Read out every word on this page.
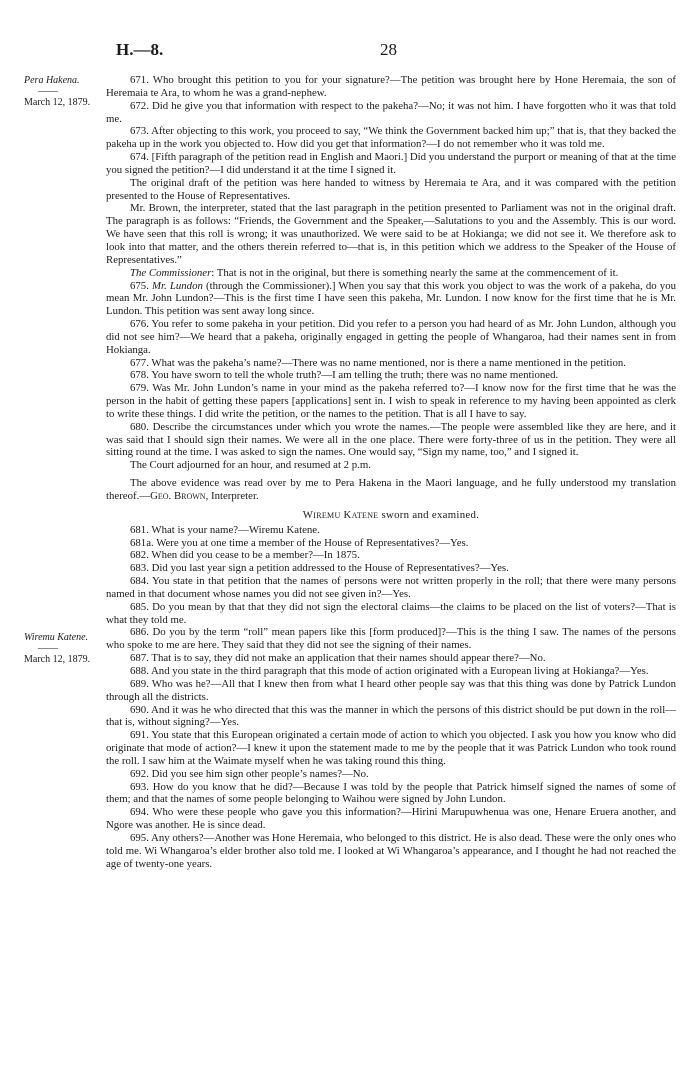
H.—8.	28
Pera Hakena.
——
March 12, 1879.
Wiremu Katene.
——
March 12, 1879.

671. Who brought this petition to you for your signature?—The petition was brought here by Hone Heremaia, the son of Heremaia te Ara, to whom he was a grand-nephew.

672. Did he give you that information with respect to the pakeha?—No; it was not him. I have forgotten who it was that told me.

673. After objecting to this work, you proceed to say, “We think the Government backed him up;” that is, that they backed the pakeha up in the work you objected to. How did you get that information?—I do not remember who it was told me.

674. [Fifth paragraph of the petition read in English and Maori.] Did you understand the purport or meaning of that at the time you signed the petition?—I did understand it at the time I signed it.

The original draft of the petition was here handed to witness by Heremaia te Ara, and it was compared with the petition presented to the House of Representatives.

Mr. Brown, the interpreter, stated that the last paragraph in the petition presented to Parliament was not in the original draft. The paragraph is as follows: “Friends, the Government and the Speaker,—Salutations to you and the Assembly. This is our word. We have seen that this roll is wrong; it was unauthorized. We were said to be at Hokianga; we did not see it. We therefore ask to look into that matter, and the others therein referred to—that is, in this petition which we address to the Speaker of the House of Representatives.”

The Commissioner: That is not in the original, but there is something nearly the same at the commencement of it.

675. Mr. Lundon (through the Commissioner).] When you say that this work you object to was the work of a pakeha, do you mean Mr. John Lundon?—This is the first time I have seen this pakeha, Mr. Lundon. I now know for the first time that he is Mr. Lundon. This petition was sent away long since.

676. You refer to some pakeha in your petition. Did you refer to a person you had heard of as Mr. John Lundon, although you did not see him?—We heard that a pakeha, originally engaged in getting the people of Whangaroa, had their names sent in from Hokianga.

677. What was the pakeha’s name?—There was no name mentioned, nor is there a name mentioned in the petition.

678. You have sworn to tell the whole truth?—I am telling the truth; there was no name mentioned.

679. Was Mr. John Lundon’s name in your mind as the pakeha referred to?—I know now for the first time that he was the person in the habit of getting these papers [applications] sent in. I wish to speak in reference to my having been appointed as clerk to write these things. I did write the petition, or the names to the petition. That is all I have to say.

680. Describe the circumstances under which you wrote the names.—The people were assembled like they are here, and it was said that I should sign their names. We were all in the one place. There were forty-three of us in the petition. They were all sitting round at the time. I was asked to sign the names. One would say, “Sign my name, too,” and I signed it.

The Court adjourned for an hour, and resumed at 2 p.m.

The above evidence was read over by me to Pera Hakena in the Maori language, and he fully understood my translation thereof.—Geo. Brown, Interpreter.

Wiremu Katene sworn and examined.

681. What is your name?—Wiremu Katene.

681a. Were you at one time a member of the House of Representatives?—Yes.

682. When did you cease to be a member?—In 1875.

683. Did you last year sign a petition addressed to the House of Representatives?—Yes.

684. You state in that petition that the names of persons were not written properly in the roll; that there were many persons named in that document whose names you did not see given in?—Yes.

685. Do you mean by that that they did not sign the electoral claims—the claims to be placed on the list of voters?—That is what they told me.

686. Do you by the term “roll” mean papers like this [form produced]?—This is the thing I saw. The names of the persons who spoke to me are here. They said that they did not see the signing of their names.

687. That is to say, they did not make an application that their names should appear there?—No.

688. And you state in the third paragraph that this mode of action originated with a European living at Hokianga?—Yes.

689. Who was he?—All that I knew then from what I heard other people say was that this thing was done by Patrick Lundon through all the districts.

690. And it was he who directed that this was the manner in which the persons of this district should be put down in the roll—that is, without signing?—Yes.

691. You state that this European originated a certain mode of action to which you objected. I ask you how you know who did originate that mode of action?—I knew it upon the statement made to me by the people that it was Patrick Lundon who took round the roll. I saw him at the Waimate myself when he was taking round this thing.

692. Did you see him sign other people’s names?—No.

693. How do you know that he did?—Because I was told by the people that Patrick himself signed the names of some of them; and that the names of some people belonging to Waihou were signed by John Lundon.

694. Who were these people who gave you this information?—Hirini Marupuwhenua was one, Henare Eruera another, and Ngore was another. He is since dead.

695. Any others?—Another was Hone Heremaia, who belonged to this district. He is also dead. These were the only ones who told me. Wi Whangaroa’s elder brother also told me. I looked at Wi Whangaroa’s appearance, and I thought he had not reached the age of twenty-one years.
